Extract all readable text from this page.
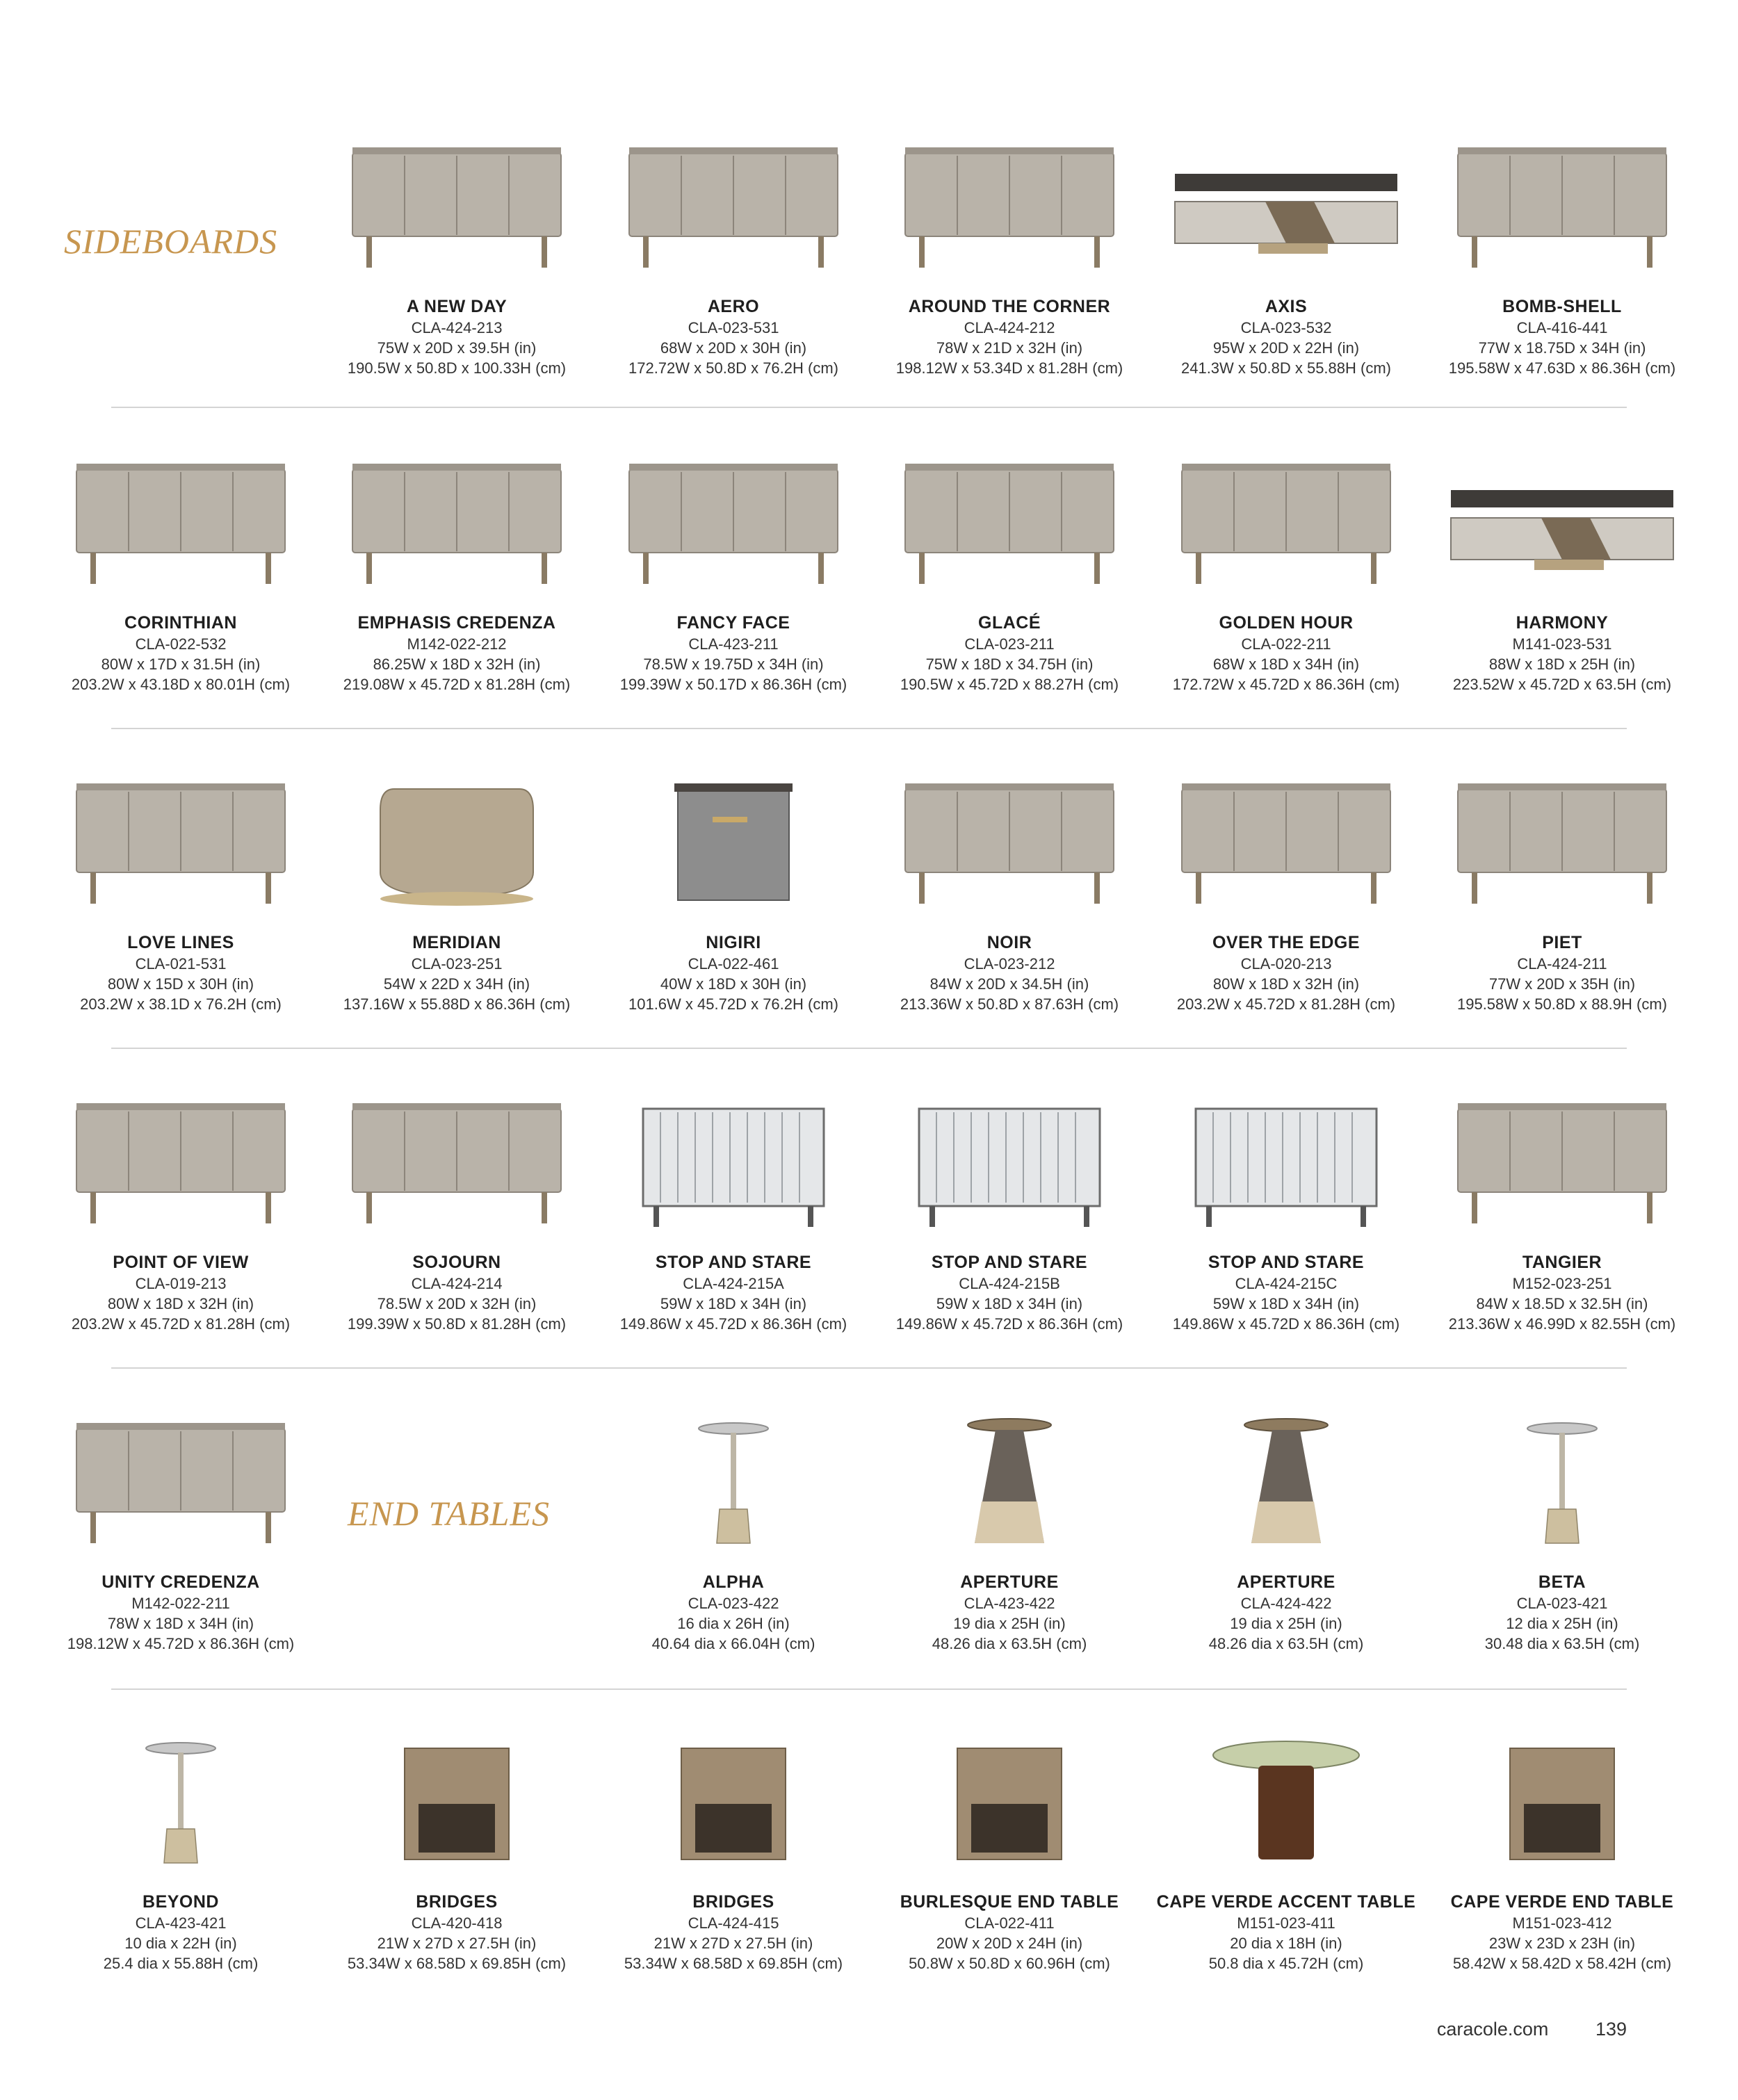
SIDEBOARDS
END TABLES
A NEW DAY
CLA-424-213
75W x 20D x 39.5H (in)
190.5W x 50.8D x 100.33H (cm)
AERO
CLA-023-531
68W x 20D x 30H (in)
172.72W x 50.8D x 76.2H (cm)
AROUND THE CORNER
CLA-424-212
78W x 21D x 32H (in)
198.12W x 53.34D x 81.28H (cm)
AXIS
CLA-023-532
95W x 20D x 22H (in)
241.3W x 50.8D x 55.88H (cm)
BOMB-SHELL
CLA-416-441
77W x 18.75D x 34H (in)
195.58W x 47.63D x 86.36H (cm)
CORINTHIAN
CLA-022-532
80W x 17D x 31.5H (in)
203.2W x 43.18D x 80.01H (cm)
EMPHASIS CREDENZA
M142-022-212
86.25W x 18D x 32H (in)
219.08W x 45.72D x 81.28H (cm)
FANCY FACE
CLA-423-211
78.5W x 19.75D x 34H (in)
199.39W x 50.17D x 86.36H (cm)
GLACÉ
CLA-023-211
75W x 18D x 34.75H (in)
190.5W x 45.72D x 88.27H (cm)
GOLDEN HOUR
CLA-022-211
68W x 18D x 34H (in)
172.72W x 45.72D x 86.36H (cm)
HARMONY
M141-023-531
88W x 18D x 25H (in)
223.52W x 45.72D x 63.5H (cm)
LOVE LINES
CLA-021-531
80W x 15D x 30H (in)
203.2W x 38.1D x 76.2H (cm)
MERIDIAN
CLA-023-251
54W x 22D x 34H (in)
137.16W x 55.88D x 86.36H (cm)
NIGIRI
CLA-022-461
40W x 18D x 30H (in)
101.6W x 45.72D x 76.2H (cm)
NOIR
CLA-023-212
84W x 20D x 34.5H (in)
213.36W x 50.8D x 87.63H (cm)
OVER THE EDGE
CLA-020-213
80W x 18D x 32H (in)
203.2W x 45.72D x 81.28H (cm)
PIET
CLA-424-211
77W x 20D x 35H (in)
195.58W x 50.8D x 88.9H (cm)
POINT OF VIEW
CLA-019-213
80W x 18D x 32H (in)
203.2W x 45.72D x 81.28H (cm)
SOJOURN
CLA-424-214
78.5W x 20D x 32H (in)
199.39W x 50.8D x 81.28H (cm)
STOP AND STARE
CLA-424-215A
59W x 18D x 34H (in)
149.86W x 45.72D x 86.36H (cm)
STOP AND STARE
CLA-424-215B
59W x 18D x 34H (in)
149.86W x 45.72D x 86.36H (cm)
STOP AND STARE
CLA-424-215C
59W x 18D x 34H (in)
149.86W x 45.72D x 86.36H (cm)
TANGIER
M152-023-251
84W x 18.5D x 32.5H (in)
213.36W x 46.99D x 82.55H (cm)
UNITY CREDENZA
M142-022-211
78W x 18D x 34H (in)
198.12W x 45.72D x 86.36H (cm)
ALPHA
CLA-023-422
16 dia x 26H (in)
40.64 dia x 66.04H (cm)
APERTURE
CLA-423-422
19 dia x 25H (in)
48.26 dia x 63.5H (cm)
APERTURE
CLA-424-422
19 dia x 25H (in)
48.26 dia x 63.5H (cm)
BETA
CLA-023-421
12 dia x 25H (in)
30.48 dia x 63.5H (cm)
BEYOND
CLA-423-421
10 dia x 22H (in)
25.4 dia x 55.88H (cm)
BRIDGES
CLA-420-418
21W x 27D x 27.5H (in)
53.34W x 68.58D x 69.85H (cm)
BRIDGES
CLA-424-415
21W x 27D x 27.5H (in)
53.34W x 68.58D x 69.85H (cm)
BURLESQUE END TABLE
CLA-022-411
20W x 20D x 24H (in)
50.8W x 50.8D x 60.96H (cm)
CAPE VERDE ACCENT TABLE
M151-023-411
20 dia x 18H (in)
50.8 dia x 45.72H (cm)
CAPE VERDE END TABLE
M151-023-412
23W x 23D x 23H (in)
58.42W x 58.42D x 58.42H (cm)
caracole.com	139
